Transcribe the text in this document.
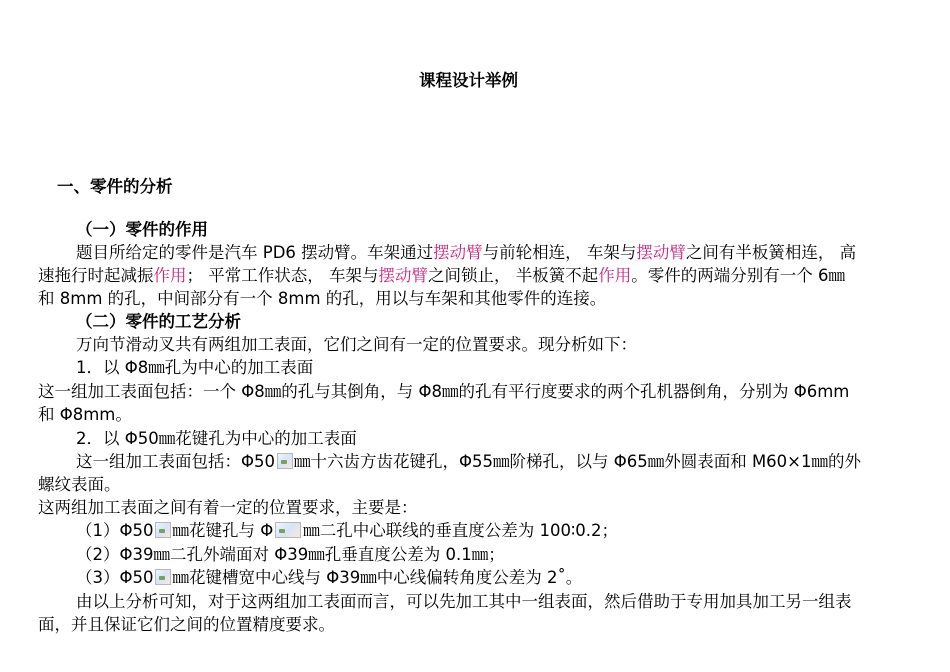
课程设计举例
一、零件的分析
（一）零件的作用
题目所给定的零件是汽车 PD6 摆动臂。车架通过摆动臂与前轮相连， 车架与摆动臂之间有半板簧相连， 高
速拖行时起减振作用； 平常工作状态， 车架与摆动臂之间锁止， 半板簧不起作用。零件的两端分别有一个 6㎜
和 8mm 的孔，中间部分有一个 8mm 的孔，用以与车架和其他零件的连接。
（二）零件的工艺分析
万向节滑动叉共有两组加工表面，它们之间有一定的位置要求。现分析如下：
1．以 Φ8㎜孔为中心的加工表面
这一组加工表面包括：一个 Φ8㎜的孔与其倒角，与 Φ8㎜的孔有平行度要求的两个孔机器倒角，分别为 Φ6mm
和 Φ8mm。
2．以 Φ50㎜花键孔为中心的加工表面
这一组加工表面包括：Φ50 ㎜十六齿方齿花键孔，Φ55㎜阶梯孔，以与 Φ65㎜外圆表面和 M60×1㎜的外
螺纹表面。
这两组加工表面之间有着一定的位置要求，主要是：
（1）Φ50 ㎜花键孔与 Φ ㎜二孔中心联线的垂直度公差为 100∶0.2；
（2）Φ39㎜二孔外端面对 Φ39㎜孔垂直度公差为 0.1㎜；
（3）Φ50 ㎜花键槽宽中心线与 Φ39㎜中心线偏转角度公差为 2˚。
由以上分析可知，对于这两组加工表面而言，可以先加工其中一组表面，然后借助于专用加具加工另一组表
面，并且保证它们之间的位置精度要求。
